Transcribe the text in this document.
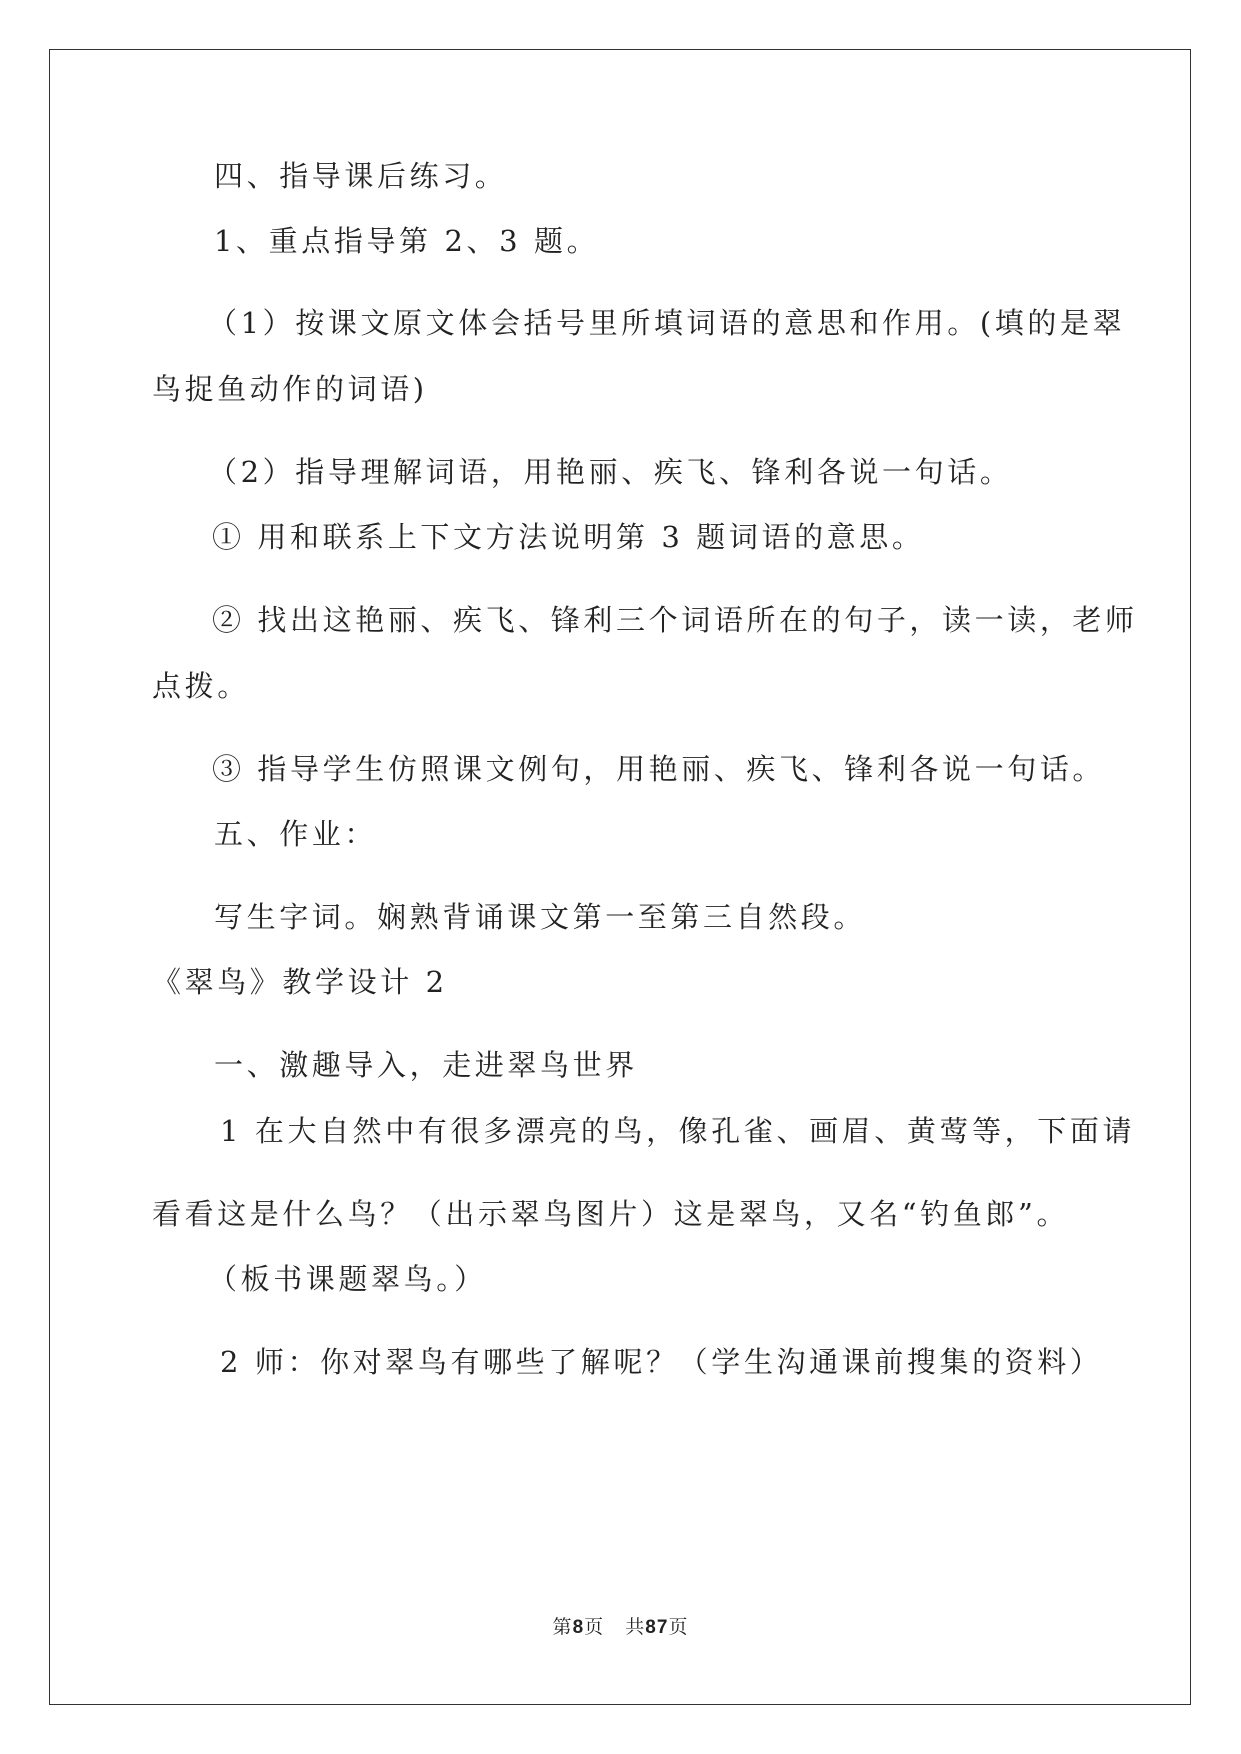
四、指导课后练习。
1、重点指导第 2、3 题。
（1）按课文原文体会括号里所填词语的意思和作用。(填的是翠
鸟捉鱼动作的词语)
（2）指导理解词语，用艳丽、疾飞、锋利各说一句话。
① 用和联系上下文方法说明第 3 题词语的意思。
② 找出这艳丽、疾飞、锋利三个词语所在的句子，读一读，老师
点拨。
③ 指导学生仿照课文例句，用艳丽、疾飞、锋利各说一句话。
五、作业：
写生字词。娴熟背诵课文第一至第三自然段。
《翠鸟》教学设计 2
一、激趣导入，走进翠鸟世界
1 在大自然中有很多漂亮的鸟，像孔雀、画眉、黄莺等，下面请
看看这是什么鸟？（出示翠鸟图片）这是翠鸟，又名“钓鱼郎”。
（板书课题翠鸟。）
2 师：你对翠鸟有哪些了解呢？（学生沟通课前搜集的资料）
第8页 共87页
